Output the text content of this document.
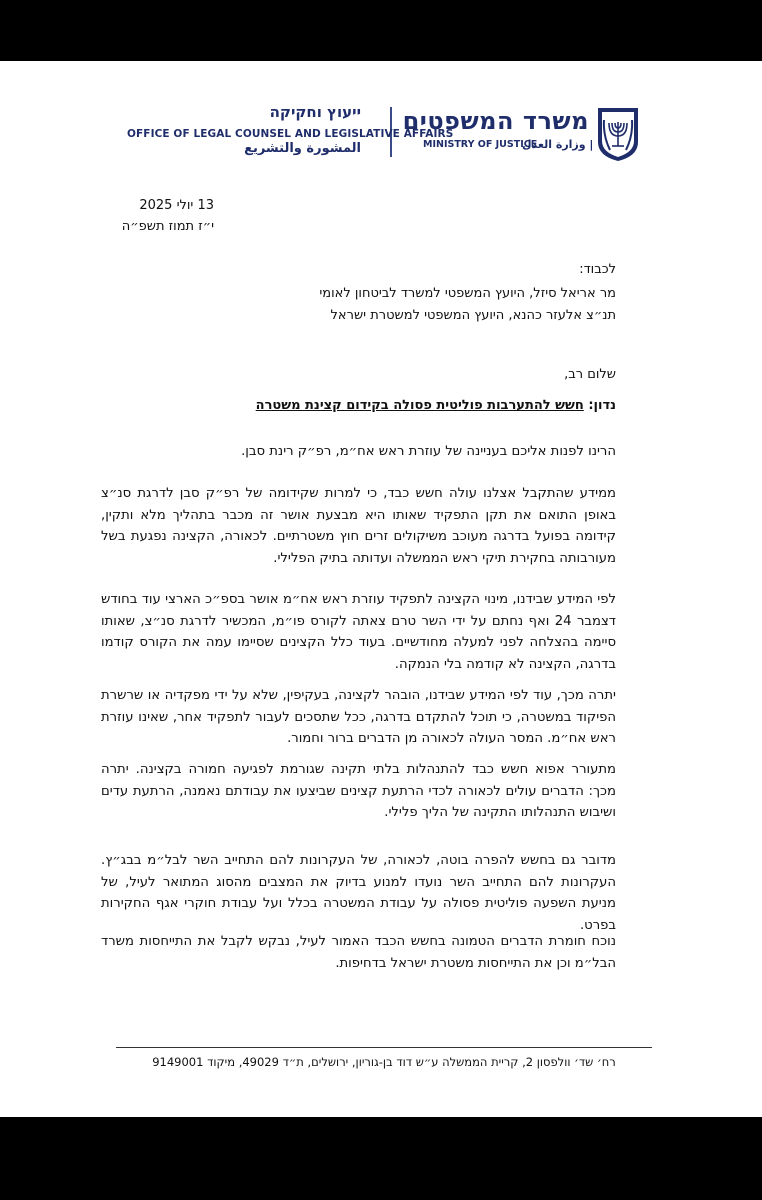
משרד המשפטים
MINISTRY OF JUSTICE
| وزارة العدل
ייעוץ וחקיקה
OFFICE OF LEGAL COUNSEL AND LEGISLATIVE AFFAIRS
المشورة والتشريع
13 יולי 2025
י״ז תמוז תשפ״ה
לכבוד:
מר אריאל סיזל, היועץ המשפטי למשרד לביטחון לאומי
תנ״צ אלעזר כהנא, היועץ המשפטי למשטרת ישראל
שלום רב,
נדון: חשש להתערבות פוליטית פסולה בקידום קצינת משטרה
הרינו לפנות אליכם בעניינה של עוזרת ראש אח״מ, רפ״ק רינת סבן.
ממידע שהתקבל אצלנו עולה חשש כבד, כי למרות שקידומה של רפ״ק סבן לדרגת סנ״צ באופן התואם את תקן התפקיד שאותו היא מבצעת אושר זה מכבר בתהליך מלא ותקין, קידומה בפועל בדרגה מעוכב משיקולים זרים חוץ משטרתיים. לכאורה, הקצינה נפגעת בשל מעורבותה בחקירת תיקי ראש הממשלה ועדותה בתיק הפלילי.
לפי המידע שבידנו, מינוי הקצינה לתפקיד עוזרת ראש אח״מ אושר בספ״כ הארצי עוד בחודש דצמבר 24 ואף נחתם על ידי השר טרם צאתה לקורס פו״מ, המכשיר לדרגת סנ״צ, שאותו סיימה בהצלחה לפני למעלה מחודשיים. בעוד כלל הקצינים שסיימו עמה את הקורס קודמו בדרגה, הקצינה לא קודמה בלי הנמקה.
יתרה מכך, עוד לפי המידע שבידנו, הובהר לקצינה, בעקיפין, שלא על ידי מפקדיה או שרשרת הפיקוד במשטרה, כי תוכל להתקדם בדרגה, ככל שתסכים לעבור לתפקיד אחר, שאינו עוזרת ראש אח״מ. המסר העולה לכאורה מן הדברים ברור וחמור.
מתעורר אפוא חשש כבד להתנהלות בלתי תקינה שגורמת לפגיעה חמורה בקצינה. יתרה מכך: הדברים עולים לכאורה לכדי הרתעת קצינים שביצעו את עבודתם נאמנה, הרתעת עדים ושיבוש התנהלותו התקינה של הליך פלילי.
מדובר גם בחשש להפרה בוטה, לכאורה, של העקרונות להם התחייב השר לבל״מ בבג״ץ. העקרונות להם התחייב השר נועדו למנוע בדיוק את המצבים מהסוג המתואר לעיל, של מניעת השפעה פוליטית פסולה על עבודת המשטרה בכלל ועל עבודת חוקרי אגף החקירות בפרט.
נוכח חומרת הדברים הטמונה בחשש הכבד האמור לעיל, נבקש לקבל את התייחסות משרד הבל״מ וכן את התייחסות משטרת ישראל בדחיפות.
רח׳ שד׳ וולפסון 2, קריית הממשלה ע״ש דוד בן-גוריון, ירושלים, ת״ד 49029, מיקוד 9149001
